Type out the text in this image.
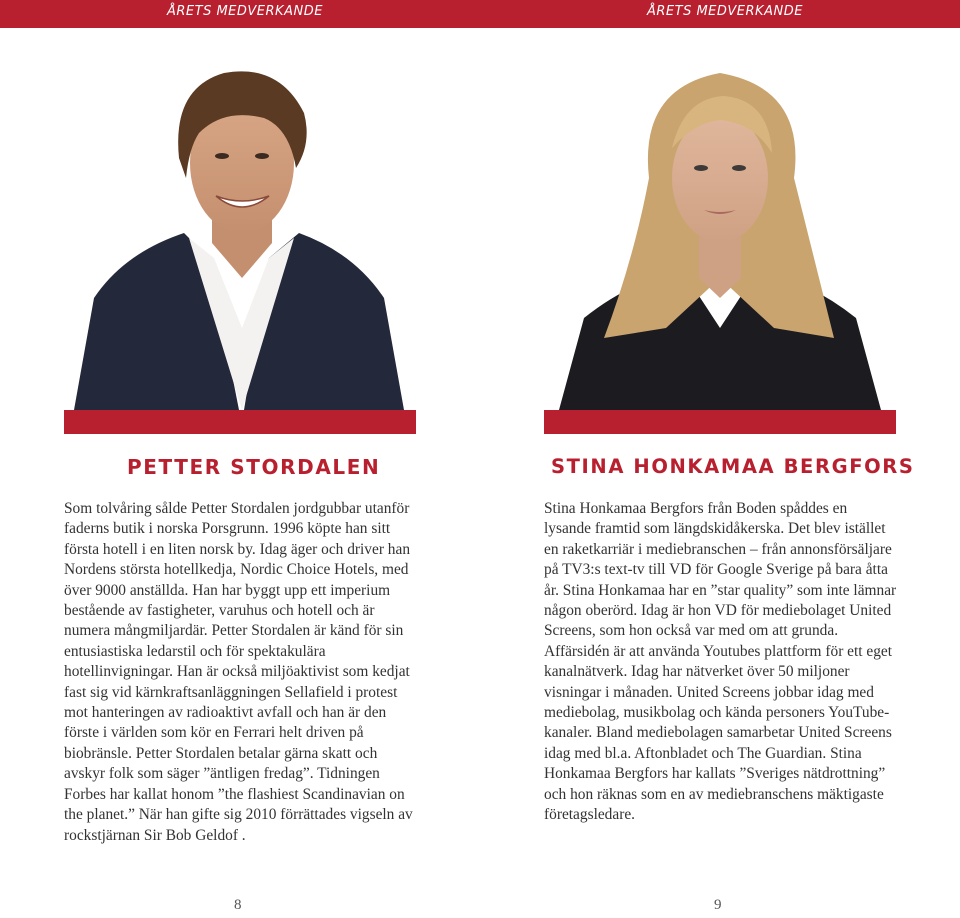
ÅRETS MEDVERKANDE	ÅRETS MEDVERKANDE
PETTER STORDALEN	STINA HONKAMAA BERGFORS

Som tolvåring sålde Petter Stordalen jordgubbar utanför faderns butik i norska Porsgrunn. 1996 köpte han sitt första hotell i en liten norsk by. Idag äger och driver han Nordens största hotellkedja, Nordic Choice Hotels, med över 9000 anställda. Han har byggt upp ett imperium bestående av fastigheter, varuhus och hotell och är numera mångmiljardär. Petter Stordalen är känd för sin entusiastiska ledarstil och för spektakulära hotellinvigningar. Han är också miljöaktivist som kedjat fast sig vid kärnkraftsanläggningen Sellafield i protest mot hanteringen av radioaktivt avfall och han är den förste i världen som kör en Ferrari helt driven på biobränsle. Petter Stordalen betalar gärna skatt och avskyr folk som säger ”äntligen fredag”. Tidningen Forbes har kallat honom ”the flashiest Scandinavian on the planet.” När han gifte sig 2010 förrättades vigseln av rockstjärnan Sir Bob Geldof .

Stina Honkamaa Bergfors från Boden spåddes en lysande framtid som längdskidåkerska. Det blev istället en raketkarriär i mediebranschen – från annonsförsäljare på TV3:s text-tv till VD för Google Sverige på bara åtta år. Stina Honkamaa har en ”star quality” som inte lämnar någon oberörd. Idag är hon VD för mediebolaget United Screens, som hon också var med om att grunda. Affärsidén är att använda Youtubes plattform för ett eget kanalnätverk. Idag har nätverket över 50 miljoner visningar i månaden. United Screens jobbar idag med mediebolag, musikbolag och kända personers YouTube-kanaler. Bland mediebolagen samarbetar United Screens idag med bl.a. Aftonbladet och The Guardian. Stina Honkamaa Bergfors har kallats ”Sveriges nätdrottning” och hon räknas som en av mediebranschens mäktigaste företagsledare.

8	9
